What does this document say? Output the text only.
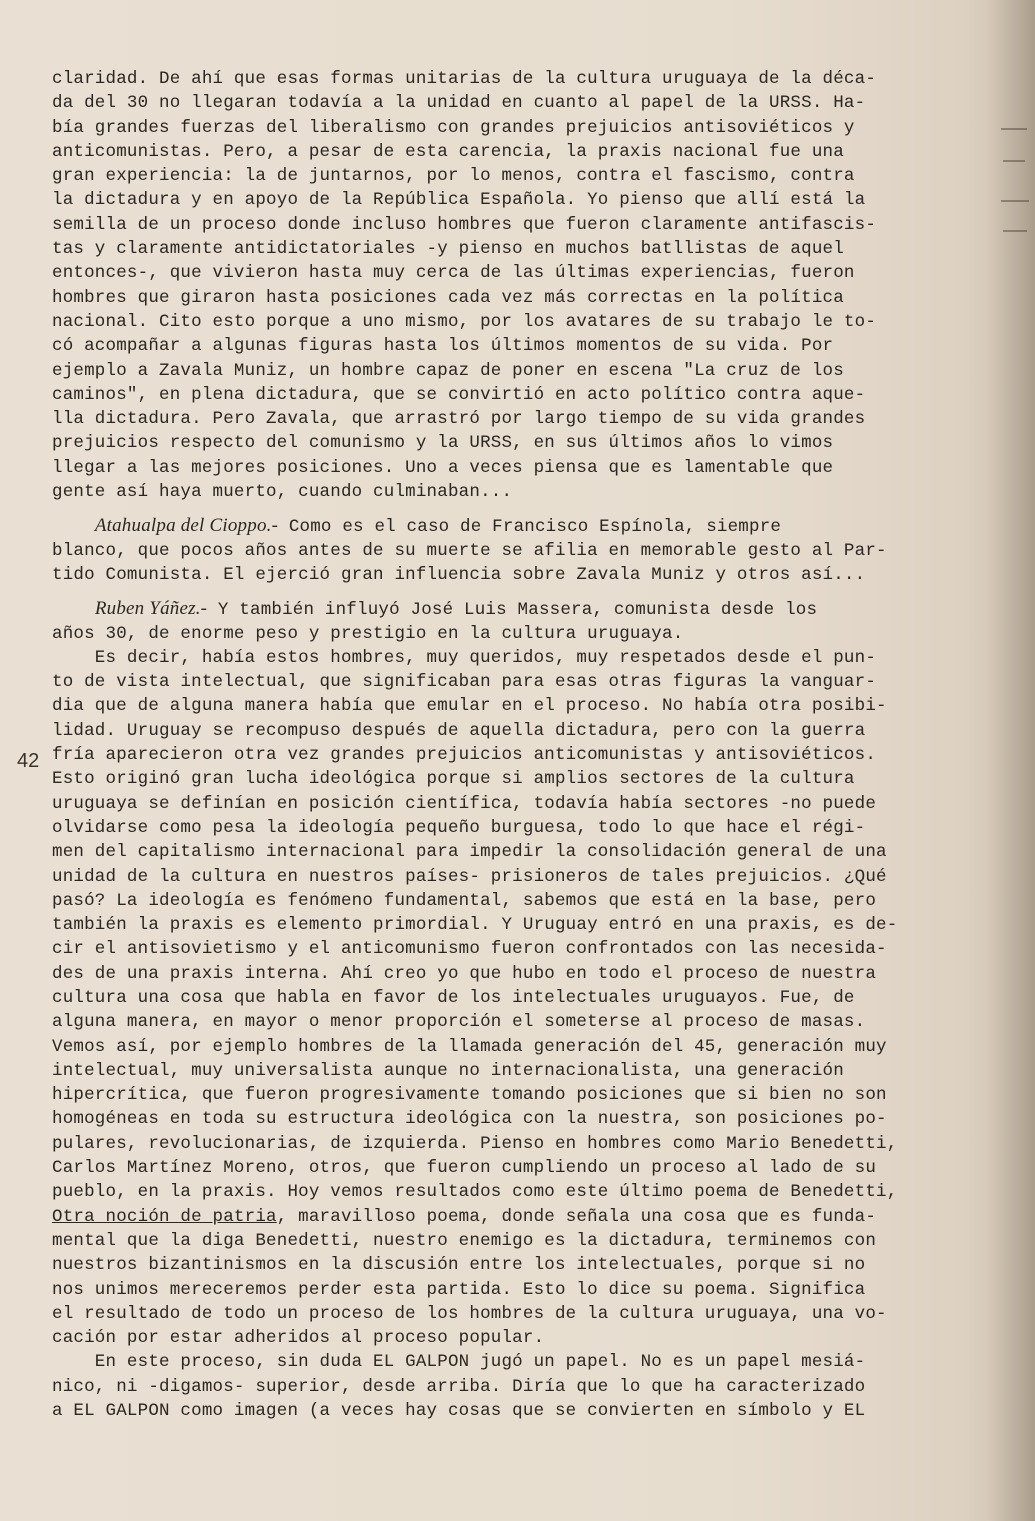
42
claridad. De ahí que esas formas unitarias de la cultura uruguaya de la déca-
da del 30 no llegaran todavía a la unidad en cuanto al papel de la URSS. Ha-
bía grandes fuerzas del liberalismo con grandes prejuicios antisoviéticos y
anticomunistas. Pero, a pesar de esta carencia, la praxis nacional fue una
gran experiencia: la de juntarnos, por lo menos, contra el fascismo, contra
la dictadura y en apoyo de la República Española. Yo pienso que allí está la
semilla de un proceso donde incluso hombres que fueron claramente antifascis-
tas y claramente antidictatoriales -y pienso en muchos batllistas de aquel
entonces-, que vivieron hasta muy cerca de las últimas experiencias, fueron
hombres que giraron hasta posiciones cada vez más correctas en la política
nacional. Cito esto porque a uno mismo, por los avatares de su trabajo le to-
có acompañar a algunas figuras hasta los últimos momentos de su vida. Por
ejemplo a Zavala Muniz, un hombre capaz de poner en escena "La cruz de los
caminos", en plena dictadura, que se convirtió en acto político contra aque-
lla dictadura. Pero Zavala, que arrastró por largo tiempo de su vida grandes
prejuicios respecto del comunismo y la URSS, en sus últimos años lo vimos
llegar a las mejores posiciones. Uno a veces piensa que es lamentable que
gente así haya muerto, cuando culminaban...
Atahualpa del Cioppo.- Como es el caso de Francisco Espínola, siempre
blanco, que pocos años antes de su muerte se afilia en memorable gesto al Par-
tido Comunista. El ejerció gran influencia sobre Zavala Muniz y otros así...
Ruben Yáñez.- Y también influyó José Luis Massera, comunista desde los
años 30, de enorme peso y prestigio en la cultura uruguaya.
Es decir, había estos hombres, muy queridos, muy respetados desde el pun-
to de vista intelectual, que significaban para esas otras figuras la vanguar-
dia que de alguna manera había que emular en el proceso. No había otra posibi-
lidad. Uruguay se recompuso después de aquella dictadura, pero con la guerra
fría aparecieron otra vez grandes prejuicios anticomunistas y antisoviéticos.
Esto originó gran lucha ideológica porque si amplios sectores de la cultura
uruguaya se definían en posición científica, todavía había sectores -no puede
olvidarse como pesa la ideología pequeño burguesa, todo lo que hace el régi-
men del capitalismo internacional para impedir la consolidación general de una
unidad de la cultura en nuestros países- prisioneros de tales prejuicios. ¿Qué
pasó? La ideología es fenómeno fundamental, sabemos que está en la base, pero
también la praxis es elemento primordial. Y Uruguay entró en una praxis, es de-
cir el antisovietismo y el anticomunismo fueron confrontados con las necesida-
des de una praxis interna. Ahí creo yo que hubo en todo el proceso de nuestra
cultura una cosa que habla en favor de los intelectuales uruguayos. Fue, de
alguna manera, en mayor o menor proporción el someterse al proceso de masas.
Vemos así, por ejemplo hombres de la llamada generación del 45, generación muy
intelectual, muy universalista aunque no internacionalista, una generación
hipercrítica, que fueron progresivamente tomando posiciones que si bien no son
homogéneas en toda su estructura ideológica con la nuestra, son posiciones po-
pulares, revolucionarias, de izquierda. Pienso en hombres como Mario Benedetti,
Carlos Martínez Moreno, otros, que fueron cumpliendo un proceso al lado de su
pueblo, en la praxis. Hoy vemos resultados como este último poema de Benedetti,
Otra noción de patria, maravilloso poema, donde señala una cosa que es funda-
mental que la diga Benedetti, nuestro enemigo es la dictadura, terminemos con
nuestros bizantinismos en la discusión entre los intelectuales, porque si no
nos unimos mereceremos perder esta partida. Esto lo dice su poema. Significa
el resultado de todo un proceso de los hombres de la cultura uruguaya, una vo-
cación por estar adheridos al proceso popular.
En este proceso, sin duda EL GALPON jugó un papel. No es un papel mesiá-
nico, ni -digamos- superior, desde arriba. Diría que lo que ha caracterizado
a EL GALPON como imagen (a veces hay cosas que se convierten en símbolo y EL
